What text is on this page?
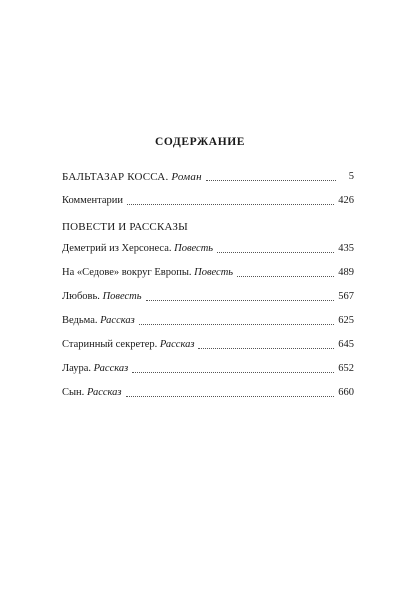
СОДЕРЖАНИЕ
БАЛЬТАЗАР КОССА. Роман	5
Комментарии	426
ПОВЕСТИ И РАССКАЗЫ
Деметрий из Херсонеса. Повесть	435
На «Седове» вокруг Европы. Повесть	489
Любовь. Повесть	567
Ведьма. Рассказ	625
Старинный секретер. Рассказ	645
Лаура. Рассказ	652
Сын. Рассказ	660
